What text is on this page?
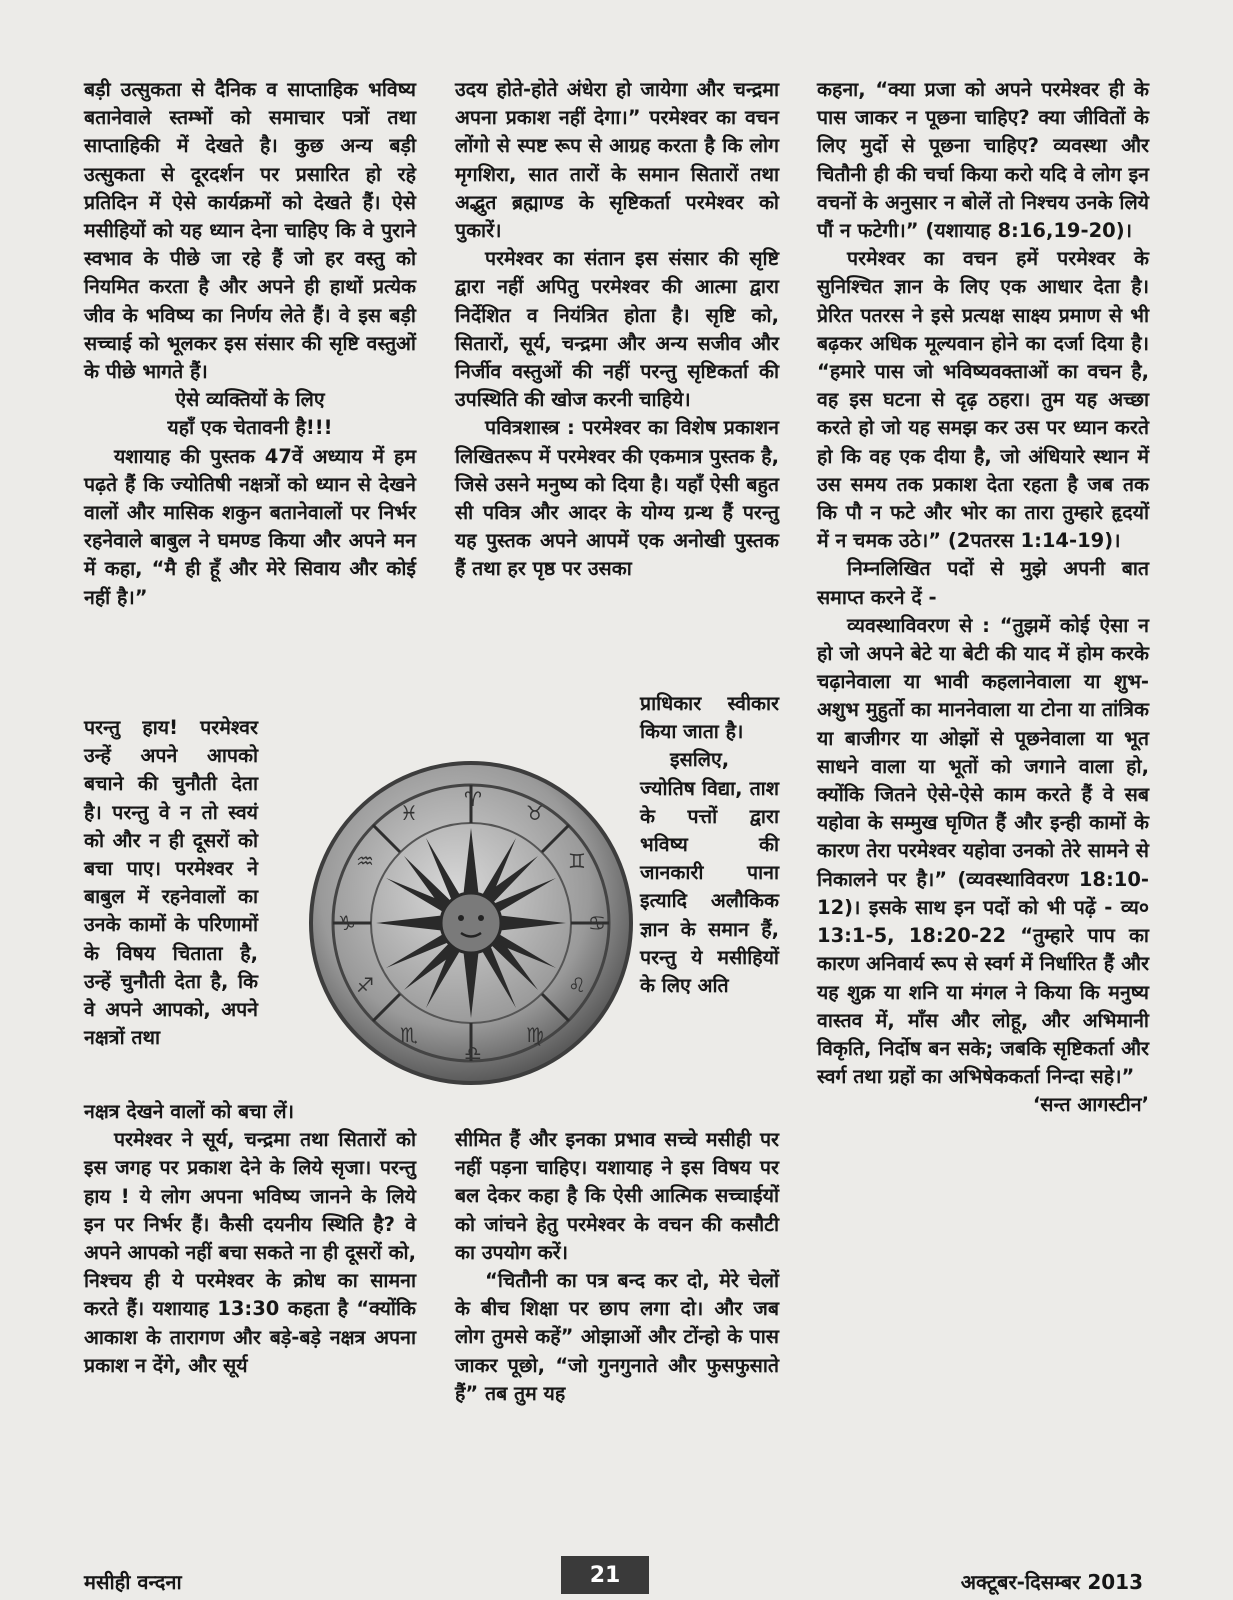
बड़ी उत्सुकता से दैनिक व साप्ताहिक भविष्य बतानेवाले स्तम्भों को समाचार पत्रों तथा साप्ताहिकी में देखते है। कुछ अन्य बड़ी उत्सुकता से दूरदर्शन पर प्रसारित हो रहे प्रतिदिन में ऐसे कार्यक्रमों को देखते हैं। ऐसे मसीहियों को यह ध्यान देना चाहिए कि वे पुराने स्वभाव के पीछे जा रहे हैं जो हर वस्तु को नियमित करता है और अपने ही हाथों प्रत्येक जीव के भविष्य का निर्णय लेते हैं। वे इस बड़ी सच्चाई को भूलकर इस संसार की सृष्टि वस्तुओं के पीछे भागते हैं।

ऐसे व्यक्तियों के लिए

यहाँ एक चेतावनी है!!!

यशायाह की पुस्तक 47वें अध्याय में हम पढ़ते हैं कि ज्योतिषी नक्षत्रों को ध्यान से देखने वालों और मासिक शकुन बतानेवालों पर निर्भर रहनेवाले बाबुल ने घमण्ड किया और अपने मन में कहा, “मै ही हूँ और मेरे सिवाय और कोई नहीं है।”

परन्तु हाय! परमेश्वर उन्हें अपने आपको बचाने की चुनौती देता है। परन्तु वे न तो स्वयं को और न ही दूसरों को बचा पाए। परमेश्वर ने बाबुल में रहनेवालों का उनके कामों के परिणामों के विषय चिताता है, उन्हें चुनौती देता है, कि वे अपने आपको, अपने नक्षत्रों तथा

नक्षत्र देखने वालों को बचा लें।

परमेश्वर ने सूर्य, चन्द्रमा तथा सितारों को इस जगह पर प्रकाश देने के लिये सृजा। परन्तु हाय ! ये लोग अपना भविष्य जानने के लिये इन पर निर्भर हैं। कैसी दयनीय स्थिति है? वे अपने आपको नहीं बचा सकते ना ही दूसरों को, निश्चय ही ये परमेश्वर के क्रोध का सामना करते हैं। यशायाह 13:30 कहता है “क्योंकि आकाश के तारागण और बड़े-बड़े नक्षत्र अपना प्रकाश न देंगे, और सूर्य

उदय होते-होते अंधेरा हो जायेगा और चन्द्रमा अपना प्रकाश नहीं देगा।” परमेश्वर का वचन लोंगो से स्पष्ट रूप से आग्रह करता है कि लोग मृगशिरा, सात तारों के समान सितारों तथा अद्भुत ब्रह्माण्ड के सृष्टिकर्ता परमेश्वर को पुकारें।

परमेश्वर का संतान इस संसार की सृष्टि द्वारा नहीं अपितु परमेश्वर की आत्मा द्वारा निर्देशित व नियंत्रित होता है। सृष्टि को, सितारों, सूर्य, चन्द्रमा और अन्य सजीव और निर्जीव वस्तुओं की नहीं परन्तु सृष्टिकर्ता की उपस्थिति की खोज करनी चाहिये।

पवित्रशास्त्र : परमेश्वर का विशेष प्रकाशन लिखितरूप में परमेश्वर की एकमात्र पुस्तक है, जिसे उसने मनुष्य को दिया है। यहाँ ऐसी बहुत सी पवित्र और आदर के योग्य ग्रन्थ हैं परन्तु यह पुस्तक अपने आपमें एक अनोखी पुस्तक हैं तथा हर पृष्ठ पर उसका

प्राधिकार स्वीकार किया जाता है।

इसलिए, ज्योतिष विद्या, ताश के पत्तों द्वारा भविष्य की जानकारी पाना इत्यादि अलौकिक ज्ञान के समान हैं, परन्तु ये मसीहियों के लिए अति

सीमित हैं और इनका प्रभाव सच्चे मसीही पर नहीं पड़ना चाहिए। यशायाह ने इस विषय पर बल देकर कहा है कि ऐसी आत्मिक सच्चाईयों को जांचने हेतु परमेश्वर के वचन की कसौटी का उपयोग करें।

“चितौनी का पत्र बन्द कर दो, मेरे चेलों के बीच शिक्षा पर छाप लगा दो। और जब लोग तुमसे कहें” ओझाओं और टोंन्हो के पास जाकर पूछो, “जो गुनगुनाते और फुसफुसाते हैं” तब तुम यह

कहना, “क्या प्रजा को अपने परमेश्वर ही के पास जाकर न पूछना चाहिए? क्या जीवितों के लिए मुर्दो से पूछना चाहिए? व्यवस्था और चितौनी ही की चर्चा किया करो यदि वे लोग इन वचनों के अनुसार न बोलें तो निश्चय उनके लिये पौं न फटेगी।” (यशायाह 8:16,19-20)।

परमेश्वर का वचन हमें परमेश्वर के सुनिश्चित ज्ञान के लिए एक आधार देता है। प्रेरित पतरस ने इसे प्रत्यक्ष साक्ष्य प्रमाण से भी बढ़कर अधिक मूल्यवान होने का दर्जा दिया है। “हमारे पास जो भविष्यवक्ताओं का वचन है, वह इस घटना से दृढ़ ठहरा। तुम यह अच्छा करते हो जो यह समझ कर उस पर ध्यान करते हो कि वह एक दीया है, जो अंधियारे स्थान में उस समय तक प्रकाश देता रहता है जब तक कि पौ न फटे और भोर का तारा तुम्हारे हृदयों में न चमक उठे।” (2पतरस 1:14-19)।

निम्नलिखित पदों से मुझे अपनी बात समाप्त करने दें -

व्यवस्थाविवरण से : “तुझमें कोई ऐसा न हो जो अपने बेटे या बेटी की याद में होम करके चढ़ानेवाला या भावी कहलानेवाला या शुभ-अशुभ मुहुर्तो का माननेवाला या टोना या तांत्रिक या बाजीगर या ओझों से पूछनेवाला या भूत साधने वाला या भूतों को जगाने वाला हो, क्योंकि जितने ऐसे-ऐसे काम करते हैं वे सब यहोवा के सम्मुख घृणित हैं और इन्ही कामों के कारण तेरा परमेश्वर यहोवा उनको तेरे सामने से निकालने पर है।” (व्यवस्थाविवरण 18:10-12)। इसके साथ इन पदों को भी पढ़ें - व्य० 13:1-5, 18:20-22 “तुम्हारे पाप का कारण अनिवार्य रूप से स्वर्ग में निर्धारित हैं और यह शुक्र या शनि या मंगल ने किया कि मनुष्य वास्तव में, माँस और लोहू, और अभिमानी विकृति, निर्दोष बन सके; जबकि सृष्टिकर्ता और स्वर्ग तथा ग्रहों का अभिषेककर्ता निन्दा सहे।”

‘सन्त आगस्टीन’

♈
♉
♊
♋
♌
♍
♎
♏
♐
♑
♒
♓
मसीही वन्दना	21	अक्टूबर-दिसम्बर 2013
